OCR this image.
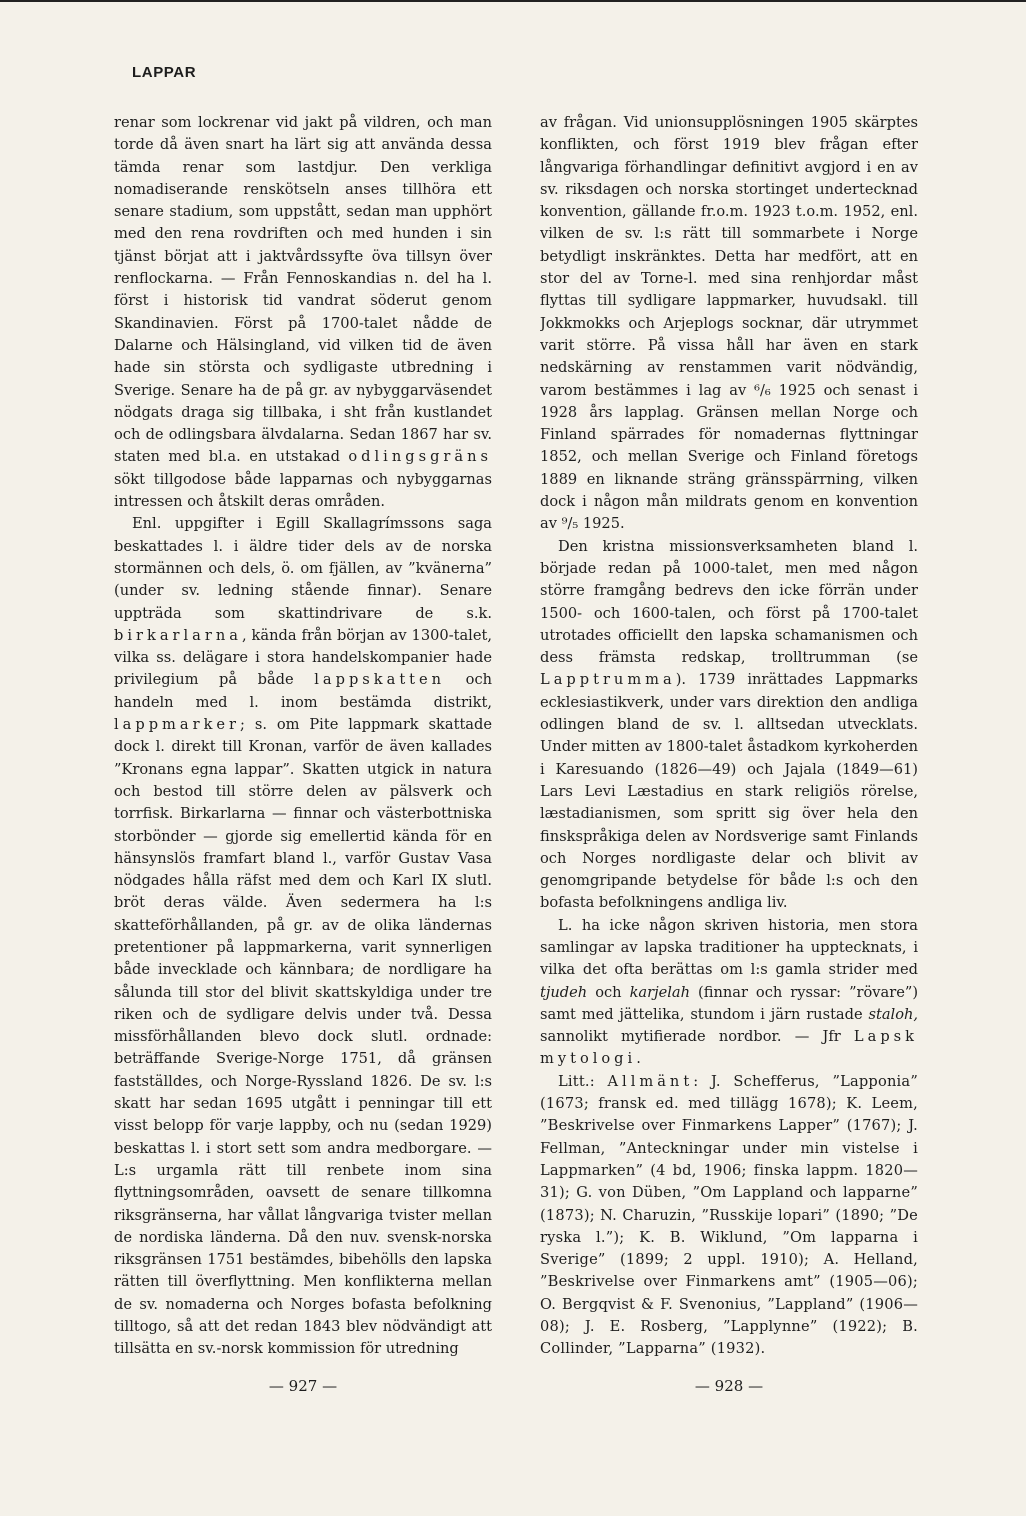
LAPPAR

renar som lockrenar vid jakt på vildren, och man torde då även snart ha lärt sig att använda dessa tämda renar som lastdjur. Den verkliga nomadiserande renskötseln anses tillhöra ett senare stadium, som uppstått, sedan man upphört med den rena rovdriften och med hunden i sin tjänst börjat att i jaktvårdssyfte öva tillsyn över renflockarna. — Från Fennoskandias n. del ha l. först i historisk tid vandrat söderut genom Skandinavien. Först på 1700-talet nådde de Dalarne och Hälsingland, vid vilken tid de även hade sin största och sydligaste utbredning i Sverige. Senare ha de på gr. av nybyggarväsendet nödgats draga sig tillbaka, i sht från kustlandet och de odlingsbara älvdalarna. Sedan 1867 har sv. staten med bl.a. en utstakad odlingsgräns sökt tillgodose både lapparnas och nybyggarnas intressen och åtskilt deras områden.

Enl. uppgifter i Egill Skallagrímssons saga beskattades l. i äldre tider dels av de norska stormännen och dels, ö. om fjällen, av ”kvänerna” (under sv. ledning stående finnar). Senare uppträda som skattindrivare de s.k. birkarlarna, kända från början av 1300-talet, vilka ss. delägare i stora handelskompanier hade privilegium på både lappskatten och handeln med l. inom bestämda distrikt, lappmarker; s. om Pite lappmark skattade dock l. direkt till Kronan, varför de även kallades ”Kronans egna lappar”. Skatten utgick in natura och bestod till större delen av pälsverk och torrfisk. Birkarlarna — finnar och västerbottniska storbönder — gjorde sig emellertid kända för en hänsynslös framfart bland l., varför Gustav Vasa nödgades hålla räfst med dem och Karl IX slutl. bröt deras välde. Även sedermera ha l:s skatteförhållanden, på gr. av de olika ländernas pretentioner på lappmarkerna, varit synnerligen både invecklade och kännbara; de nordligare ha sålunda till stor del blivit skattskyldiga under tre riken och de sydligare delvis under två. Dessa missförhållanden blevo dock slutl. ordnade: beträffande Sverige-Norge 1751, då gränsen fastställdes, och Norge-Ryssland 1826. De sv. l:s skatt har sedan 1695 utgått i penningar till ett visst belopp för varje lappby, och nu (sedan 1929) beskattas l. i stort sett som andra medborgare. — L:s urgamla rätt till renbete inom sina flyttningsområden, oavsett de senare tillkomna riksgränserna, har vållat långvariga tvister mellan de nordiska länderna. Då den nuv. svensk-norska riksgränsen 1751 bestämdes, bibehölls den lapska rätten till överflyttning. Men konflikterna mellan de sv. nomaderna och Norges bofasta befolkning tilltogo, så att det redan 1843 blev nödvändigt att tillsätta en sv.-norsk kommission för utredning

av frågan. Vid unionsupplösningen 1905 skärptes konflikten, och först 1919 blev frågan efter långvariga förhandlingar definitivt avgjord i en av sv. riksdagen och norska stortinget undertecknad konvention, gällande fr.o.m. 1923 t.o.m. 1952, enl. vilken de sv. l:s rätt till sommarbete i Norge betydligt inskränktes. Detta har medfört, att en stor del av Torne-l. med sina renhjordar måst flyttas till sydligare lappmarker, huvudsakl. till Jokkmokks och Arjeplogs socknar, där utrymmet varit större. På vissa håll har även en stark nedskärning av renstammen varit nödvändig, varom bestämmes i lag av ⁶/₆ 1925 och senast i 1928 års lapplag. Gränsen mellan Norge och Finland spärrades för nomadernas flyttningar 1852, och mellan Sverige och Finland företogs 1889 en liknande sträng gränsspärrning, vilken dock i någon mån mildrats genom en konvention av ⁹/₅ 1925.

Den kristna missionsverksamheten bland l. började redan på 1000-talet, men med någon större framgång bedrevs den icke förrän under 1500- och 1600-talen, och först på 1700-talet utrotades officiellt den lapska schamanismen och dess främsta redskap, trolltrumman (se Lapptrumma). 1739 inrättades Lappmarks ecklesiastikverk, under vars direktion den andliga odlingen bland de sv. l. alltsedan utvecklats. Under mitten av 1800-talet åstadkom kyrkoherden i Karesuando (1826—49) och Jajala (1849—61) Lars Levi Læstadius en stark religiös rörelse, læstadianismen, som spritt sig över hela den finskspråkiga delen av Nordsverige samt Finlands och Norges nordligaste delar och blivit av genomgripande betydelse för både l:s och den bofasta befolkningens andliga liv.

L. ha icke någon skriven historia, men stora samlingar av lapska traditioner ha upptecknats, i vilka det ofta berättas om l:s gamla strider med tjudeh och karjelah (finnar och ryssar: ”rövare”) samt med jättelika, stundom i järn rustade staloh, sannolikt mytifierade nordbor. — Jfr Lapsk mytologi.

Litt.: Allmänt: J. Schefferus, ”Lapponia” (1673; fransk ed. med tillägg 1678); K. Leem, ”Beskrivelse over Finmarkens Lapper” (1767); J. Fellman, ”Anteckningar under min vistelse i Lappmarken” (4 bd, 1906; finska lappm. 1820—31); G. von Düben, ”Om Lappland och lapparne” (1873); N. Charuzin, ”Russkije lopari” (1890; ”De ryska l.”); K. B. Wiklund, ”Om lapparna i Sverige” (1899; 2 uppl. 1910); A. Helland, ”Beskrivelse over Finmarkens amt” (1905—06); O. Bergqvist & F. Svenonius, ”Lappland” (1906—08); J. E. Rosberg, ”Lapplynne” (1922); B. Collinder, ”Lapparna” (1932).

— 927 —	— 928 —
